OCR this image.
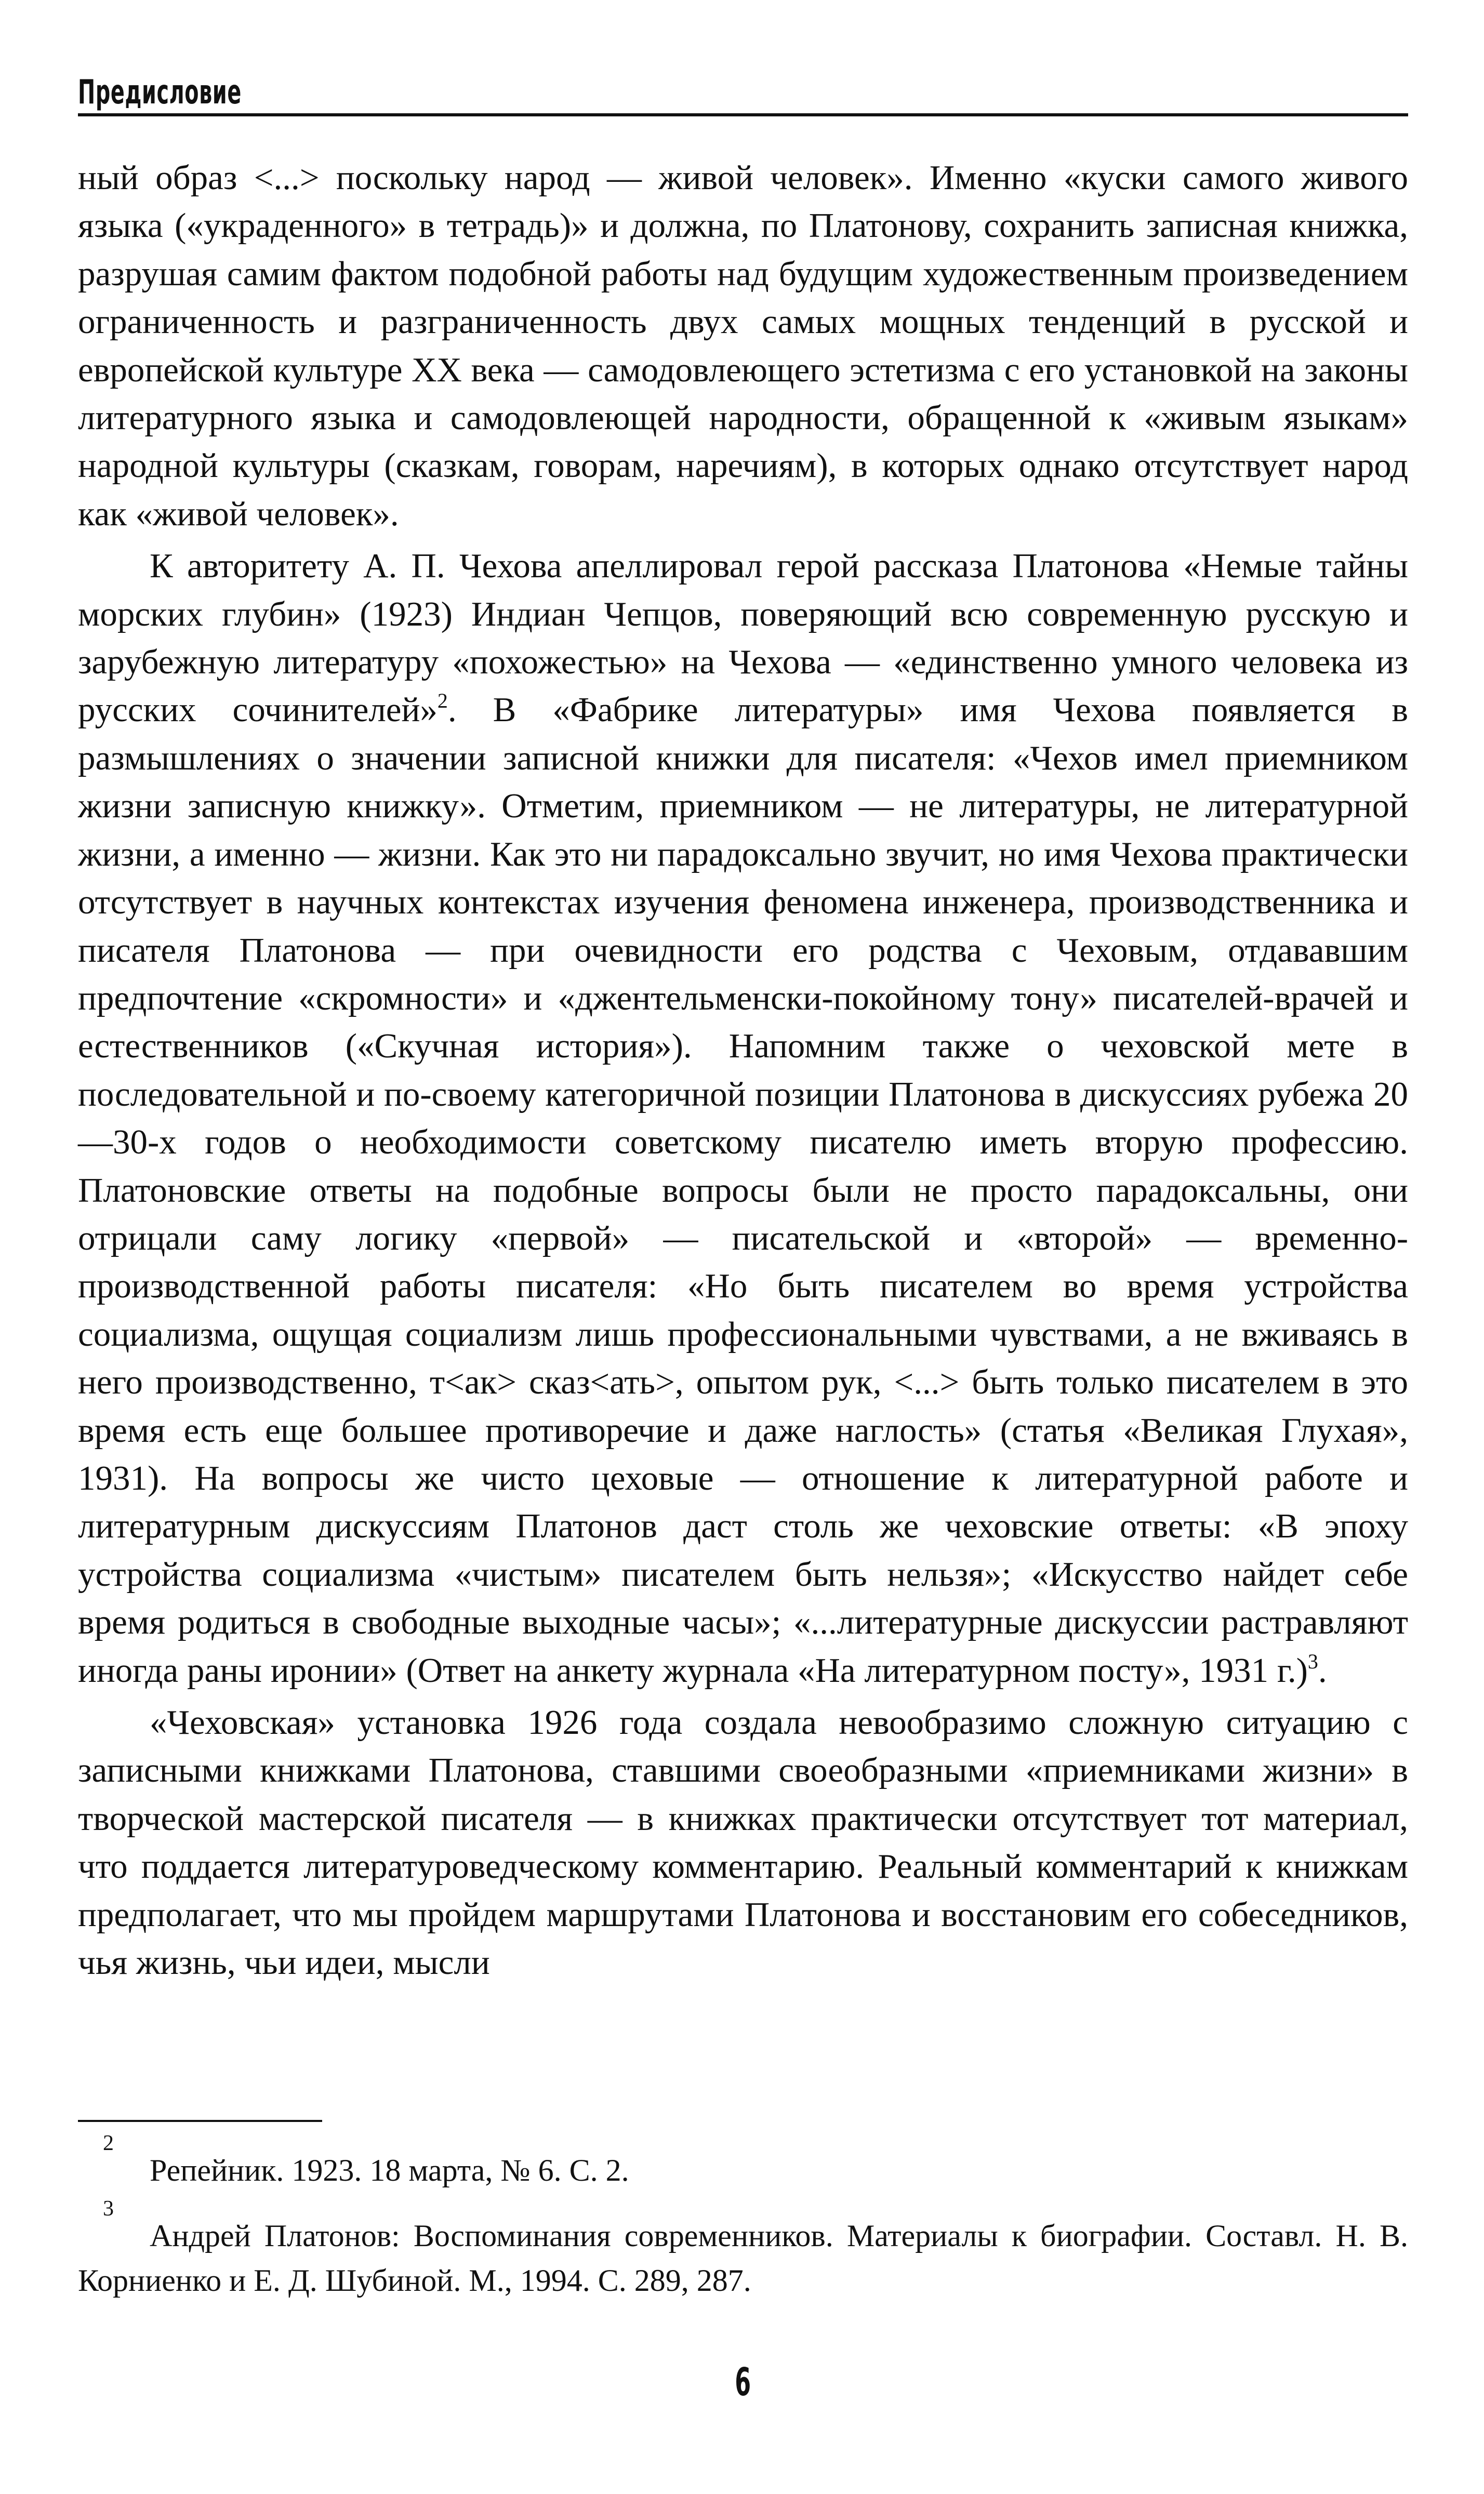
Предисловие

ный образ <...> поскольку народ — живой человек». Именно «куски самого живого языка («украденного» в тетрадь)» и должна, по Платонову, сохранить записная книжка, разрушая самим фактом подобной работы над будущим художественным произведением ограниченность и разграниченность двух самых мощных тенденций в русской и европейской культуре XX века — самодовлеющего эстетизма с его установкой на законы литературного языка и самодовлеющей народности, обращенной к «живым языкам» народной культуры (сказкам, говорам, наречиям), в которых однако отсутствует народ как «живой человек».

К авторитету А. П. Чехова апеллировал герой рассказа Платонова «Немые тайны морских глубин» (1923) Индиан Чепцов, поверяющий всю современную русскую и зарубежную литературу «похожестью» на Чехова — «единственно умного человека из русских сочинителей»$^2$. В «Фабрике литературы» имя Чехова появляется в размышлениях о значении записной книжки для писателя: «Чехов имел приемником жизни записную книжку». Отметим, приемником — не литературы, не литературной жизни, а именно — жизни. Как это ни парадоксально звучит, но имя Чехова практически отсутствует в научных контекстах изучения феномена инженера, производственника и писателя Платонова — при очевидности его родства с Чеховым, отдававшим предпочтение «скромности» и «джентельменски-покойному тону» писателей-врачей и естественников («Скучная история»). Напомним также о чеховской мете в последовательной и по-своему категоричной позиции Платонова в дискуссиях рубежа 20—30-х годов о необходимости советскому писателю иметь вторую профессию. Платоновские ответы на подобные вопросы были не просто парадоксальны, они отрицали саму логику «первой» — писательской и «второй» — временно-производственной работы писателя: «Но быть писателем во время устройства социализма, ощущая социализм лишь профессиональными чувствами, а не вживаясь в него производственно, т<ак> сказ<ать>, опытом рук, <...> быть только писателем в это время есть еще большее противоречие и даже наглость» (статья «Великая Глухая», 1931). На вопросы же чисто цеховые — отношение к литературной работе и литературным дискуссиям Платонов даст столь же чеховские ответы: «В эпоху устройства социализма «чистым» писателем быть нельзя»; «Искусство найдет себе время родиться в свободные выходные часы»; «...литературные дискуссии растравляют иногда раны иронии» (Ответ на анкету журнала «На литературном посту», 1931 г.)$^3$.

«Чеховская» установка 1926 года создала невообразимо сложную ситуацию с записными книжками Платонова, ставшими своеобразными «приемниками жизни» в творческой мастерской писателя — в книжках практически отсутствует тот материал, что поддается литературоведческому комментарию. Реальный комментарий к книжкам предполагает, что мы пройдем маршрутами Платонова и восстановим его собеседников, чья жизнь, чьи идеи, мысли

2
Репейник. 1923. 18 марта, № 6. С. 2.

3
Андрей Платонов: Воспоминания современников. Материалы к биографии. Составл. Н. В. Корниенко и Е. Д. Шубиной. М., 1994. С. 289, 287.

6
